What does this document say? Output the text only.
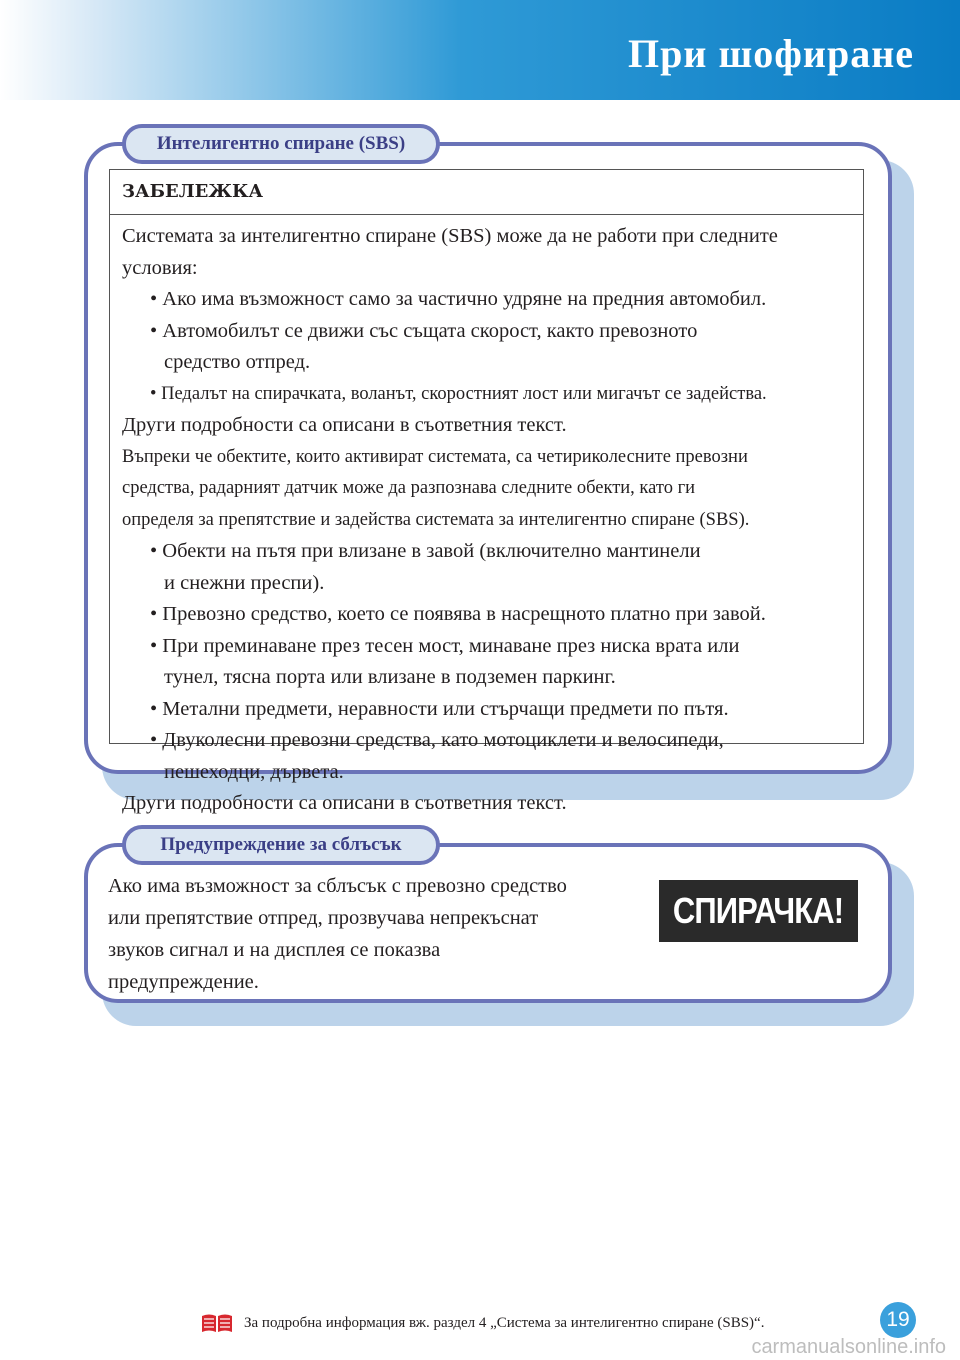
При шофиране
Интелигентно спиране (SBS)
ЗАБЕЛЕЖКА

Системата за интелигентно спиране (SBS) може да не работи при следните

условия:

• Ако има възможност само за частично удряне на предния автомобил.

• Автомобилът се движи със същата скорост, както превозното

средство отпред.

• Педалът на спирачката, воланът, скоростният лост или мигачът се задейства.

Други подробности са описани в съответния текст.

Въпреки че обектите, които активират системата, са четириколесните превозни

средства, радарният датчик може да разпознава следните обекти, като ги

определя за препятствие и задейства системата за интелигентно спиране (SBS).

• Обекти на пътя при влизане в завой (включително мантинели

и снежни преспи).

• Превозно средство, което се появява в насрещното платно при завой.

• При преминаване през тесен мост, минаване през ниска врата или

тунел, тясна порта или влизане в подземен паркинг.

• Метални предмети, неравности или стърчащи предмети по пътя.

• Двуколесни превозни средства, като мотоциклети и велосипеди,

пешеходци, дървета.

Други подробности са описани в съответния текст.

Предупреждение за сблъсък
Ако има възможност за сблъсък с превозно средство
или препятствие отпред, прозвучава непрекъснат
звуков сигнал и на дисплея се показва
предупреждение.
СПИРАЧКА!
За подробна информация вж. раздел 4 „Система за интелигентно спиране (SBS)“.	19
carmanualsonline.info
